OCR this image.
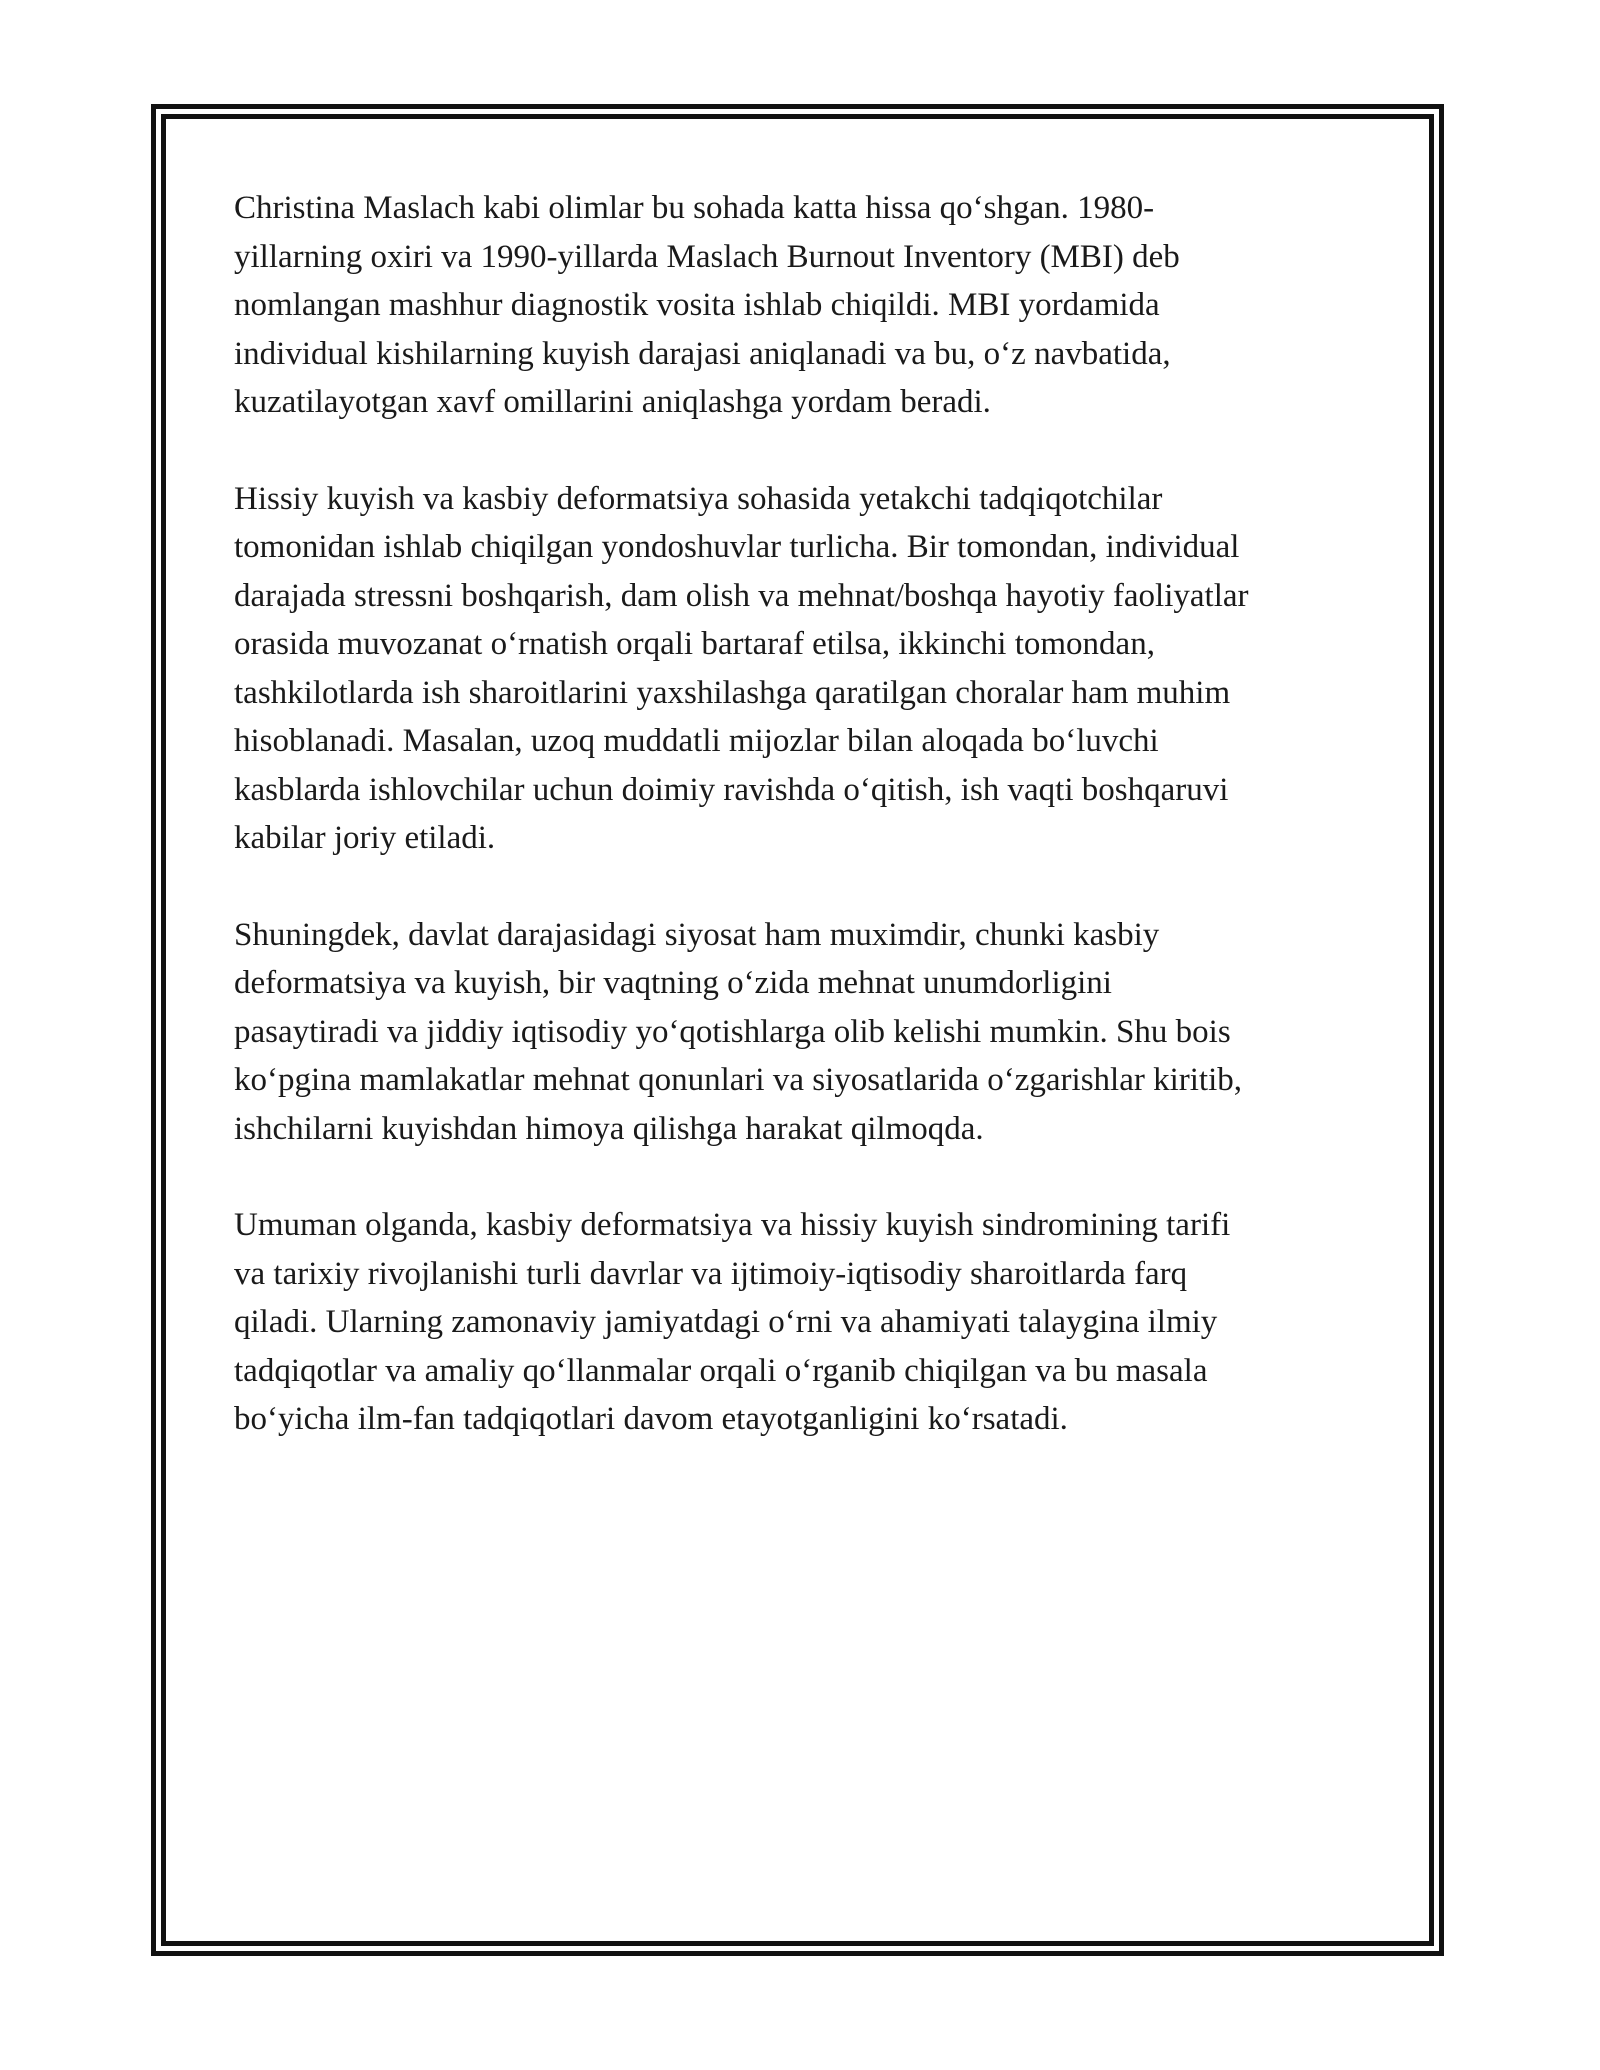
Christina Maslach kabi olimlar bu sohada katta hissa qoʻshgan. 1980-
yillarning oxiri va 1990-yillarda Maslach Burnout Inventory (MBI) deb
nomlangan mashhur diagnostik vosita ishlab chiqildi. MBI yordamida
individual kishilarning kuyish darajasi aniqlanadi va bu, oʻz navbatida,
kuzatilayotgan xavf omillarini aniqlashga yordam beradi.

Hissiy kuyish va kasbiy deformatsiya sohasida yetakchi tadqiqotchilar
tomonidan ishlab chiqilgan yondoshuvlar turlicha. Bir tomondan, individual
darajada stressni boshqarish, dam olish va mehnat/boshqa hayotiy faoliyatlar
orasida muvozanat oʻrnatish orqali bartaraf etilsa, ikkinchi tomondan,
tashkilotlarda ish sharoitlarini yaxshilashga qaratilgan choralar ham muhim
hisoblanadi. Masalan, uzoq muddatli mijozlar bilan aloqada boʻluvchi
kasblarda ishlovchilar uchun doimiy ravishda oʻqitish, ish vaqti boshqaruvi
kabilar joriy etiladi.

Shuningdek, davlat darajasidagi siyosat ham muximdir, chunki kasbiy
deformatsiya va kuyish, bir vaqtning oʻzida mehnat unumdorligini
pasaytiradi va jiddiy iqtisodiy yoʻqotishlarga olib kelishi mumkin. Shu bois
koʻpgina mamlakatlar mehnat qonunlari va siyosatlarida oʻzgarishlar kiritib,
ishchilarni kuyishdan himoya qilishga harakat qilmoqda.

Umuman olganda, kasbiy deformatsiya va hissiy kuyish sindromining tarifi
va tarixiy rivojlanishi turli davrlar va ijtimoiy-iqtisodiy sharoitlarda farq
qiladi. Ularning zamonaviy jamiyatdagi oʻrni va ahamiyati talaygina ilmiy
tadqiqotlar va amaliy qoʻllanmalar orqali oʻrganib chiqilgan va bu masala
boʻyicha ilm-fan tadqiqotlari davom etayotganligini koʻrsatadi.
